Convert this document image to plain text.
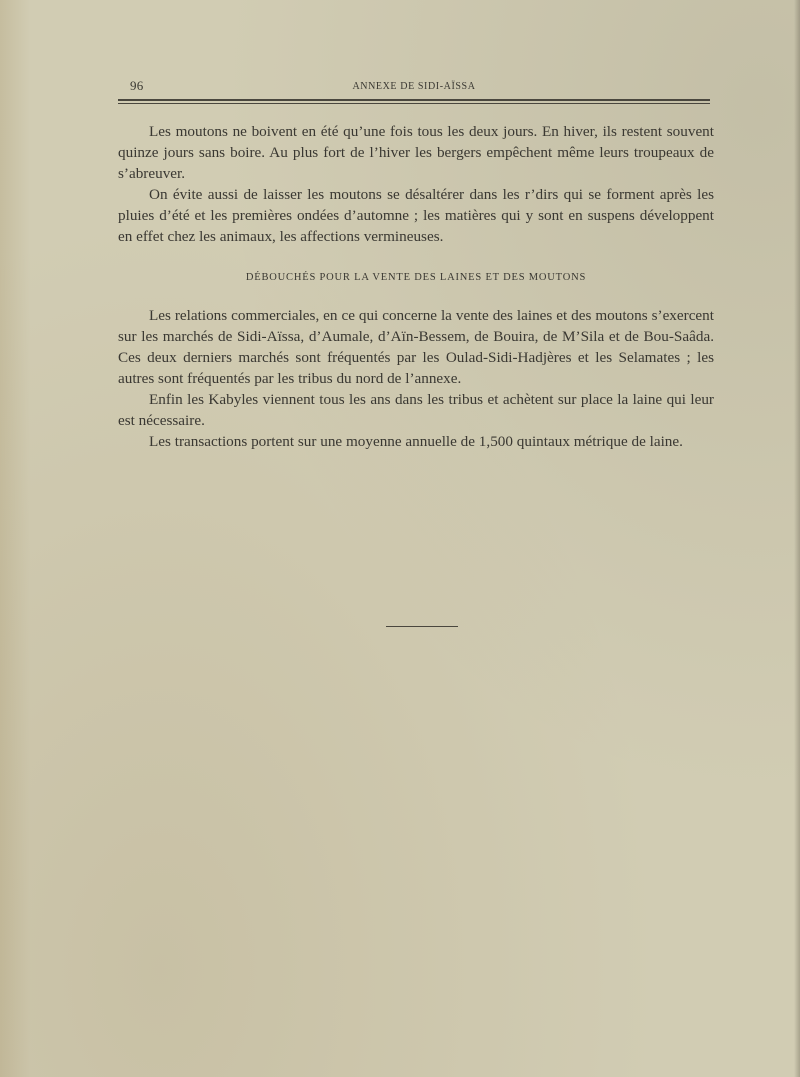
96	ANNEXE DE SIDI-AÏSSA

Les moutons ne boivent en été qu’une fois tous les deux jours. En hiver, ils restent souvent quinze jours sans boire. Au plus fort de l’hiver les bergers empêchent même leurs troupeaux de s’abreuver.

On évite aussi de laisser les moutons se désaltérer dans les r’dirs qui se forment après les pluies d’été et les premières ondées d’automne ; les matières qui y sont en suspens développent en effet chez les animaux, les affections vermineuses.

DÉBOUCHÉS POUR LA VENTE DES LAINES ET DES MOUTONS

Les relations commerciales, en ce qui concerne la vente des laines et des moutons s’exercent sur les marchés de Sidi-Aïssa, d’Aumale, d’Aïn-Bessem, de Bouira, de M’Sila et de Bou-Saâda. Ces deux derniers marchés sont fréquentés par les Oulad-Sidi-Hadjères et les Selamates ; les autres sont fréquentés par les tribus du nord de l’annexe.

Enfin les Kabyles viennent tous les ans dans les tribus et achètent sur place la laine qui leur est nécessaire.

Les transactions portent sur une moyenne annuelle de 1,500 quintaux métrique de laine.
